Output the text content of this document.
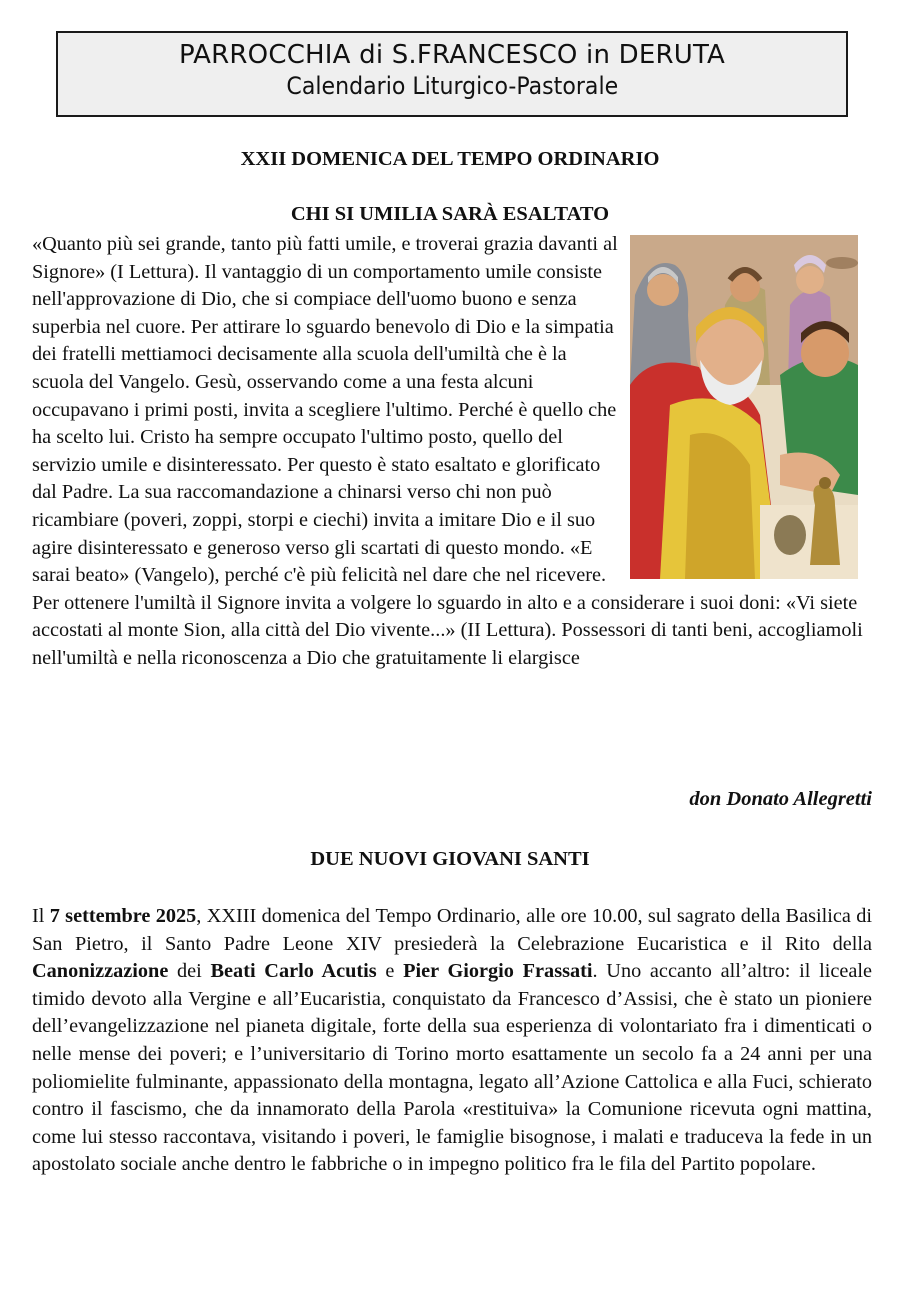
PARROCCHIA di S.FRANCESCO in DERUTA
Calendario Liturgico-Pastorale
XXII DOMENICA DEL TEMPO ORDINARIO
CHI SI UMILIA SARÀ ESALTATO
«Quanto più sei grande, tanto più fatti umile, e troverai grazia davanti al Signore» (I Lettura). Il vantaggio di un comportamento umile consiste nell'approvazione di Dio, che si compiace dell'uomo buono e senza superbia nel cuore. Per attirare lo sguardo benevolo di Dio e la simpatia dei fratelli mettiamoci decisamente alla scuola dell'umiltà che è la scuola del Vangelo. Gesù, osservando come a una festa alcuni occupavano i primi posti, invita a scegliere l'ultimo. Perché è quello che ha scelto lui. Cristo ha sempre occupato l'ultimo posto, quello del servizio umile e disinteressato. Per questo è stato esaltato e glorificato dal Padre. La sua raccomandazione a chinarsi verso chi non può ricambiare (poveri, zoppi, storpi e ciechi) invita a imitare Dio e il suo agire disinteressato e generoso verso gli scartati di questo mondo. «E sarai beato» (Vangelo), perché c'è più felicità nel dare che nel ricevere. Per ottenere l'umiltà il Signore invita a volgere lo sguardo in alto e a considerare i suoi doni: «Vi siete accostati al monte Sion, alla città del Dio vivente...» (II Lettura). Possessori di tanti beni, accogliamoli nell'umiltà e nella riconoscenza a Dio che gratuitamente li elargisce
don Donato Allegretti
DUE NUOVI GIOVANI SANTI
Il 7 settembre 2025, XXIII domenica del Tempo Ordinario, alle ore 10.00, sul sagrato della Basilica di San Pietro, il Santo Padre Leone XIV presiederà la Celebrazione Eucaristica e il Rito della Canonizzazione dei Beati Carlo Acutis e Pier Giorgio Frassati. Uno accanto all’altro: il liceale timido devoto alla Vergine e all’Eucaristia, conquistato da Francesco d’Assisi, che è stato un pioniere dell’evangelizzazione nel pianeta digitale, forte della sua esperienza di volontariato fra i dimenticati o nelle mense dei poveri; e l’universitario di Torino morto esattamente un secolo fa a 24 anni per una poliomielite fulminante, appassionato della montagna, legato all’Azione Cattolica e alla Fuci, schierato contro il fascismo, che da innamorato della Parola «restituiva» la Comunione ricevuta ogni mattina, come lui stesso raccontava, visitando i poveri, le famiglie bisognose, i malati e traduceva la fede in un apostolato sociale anche dentro le fabbriche o in impegno politico fra le fila del Partito popolare.
